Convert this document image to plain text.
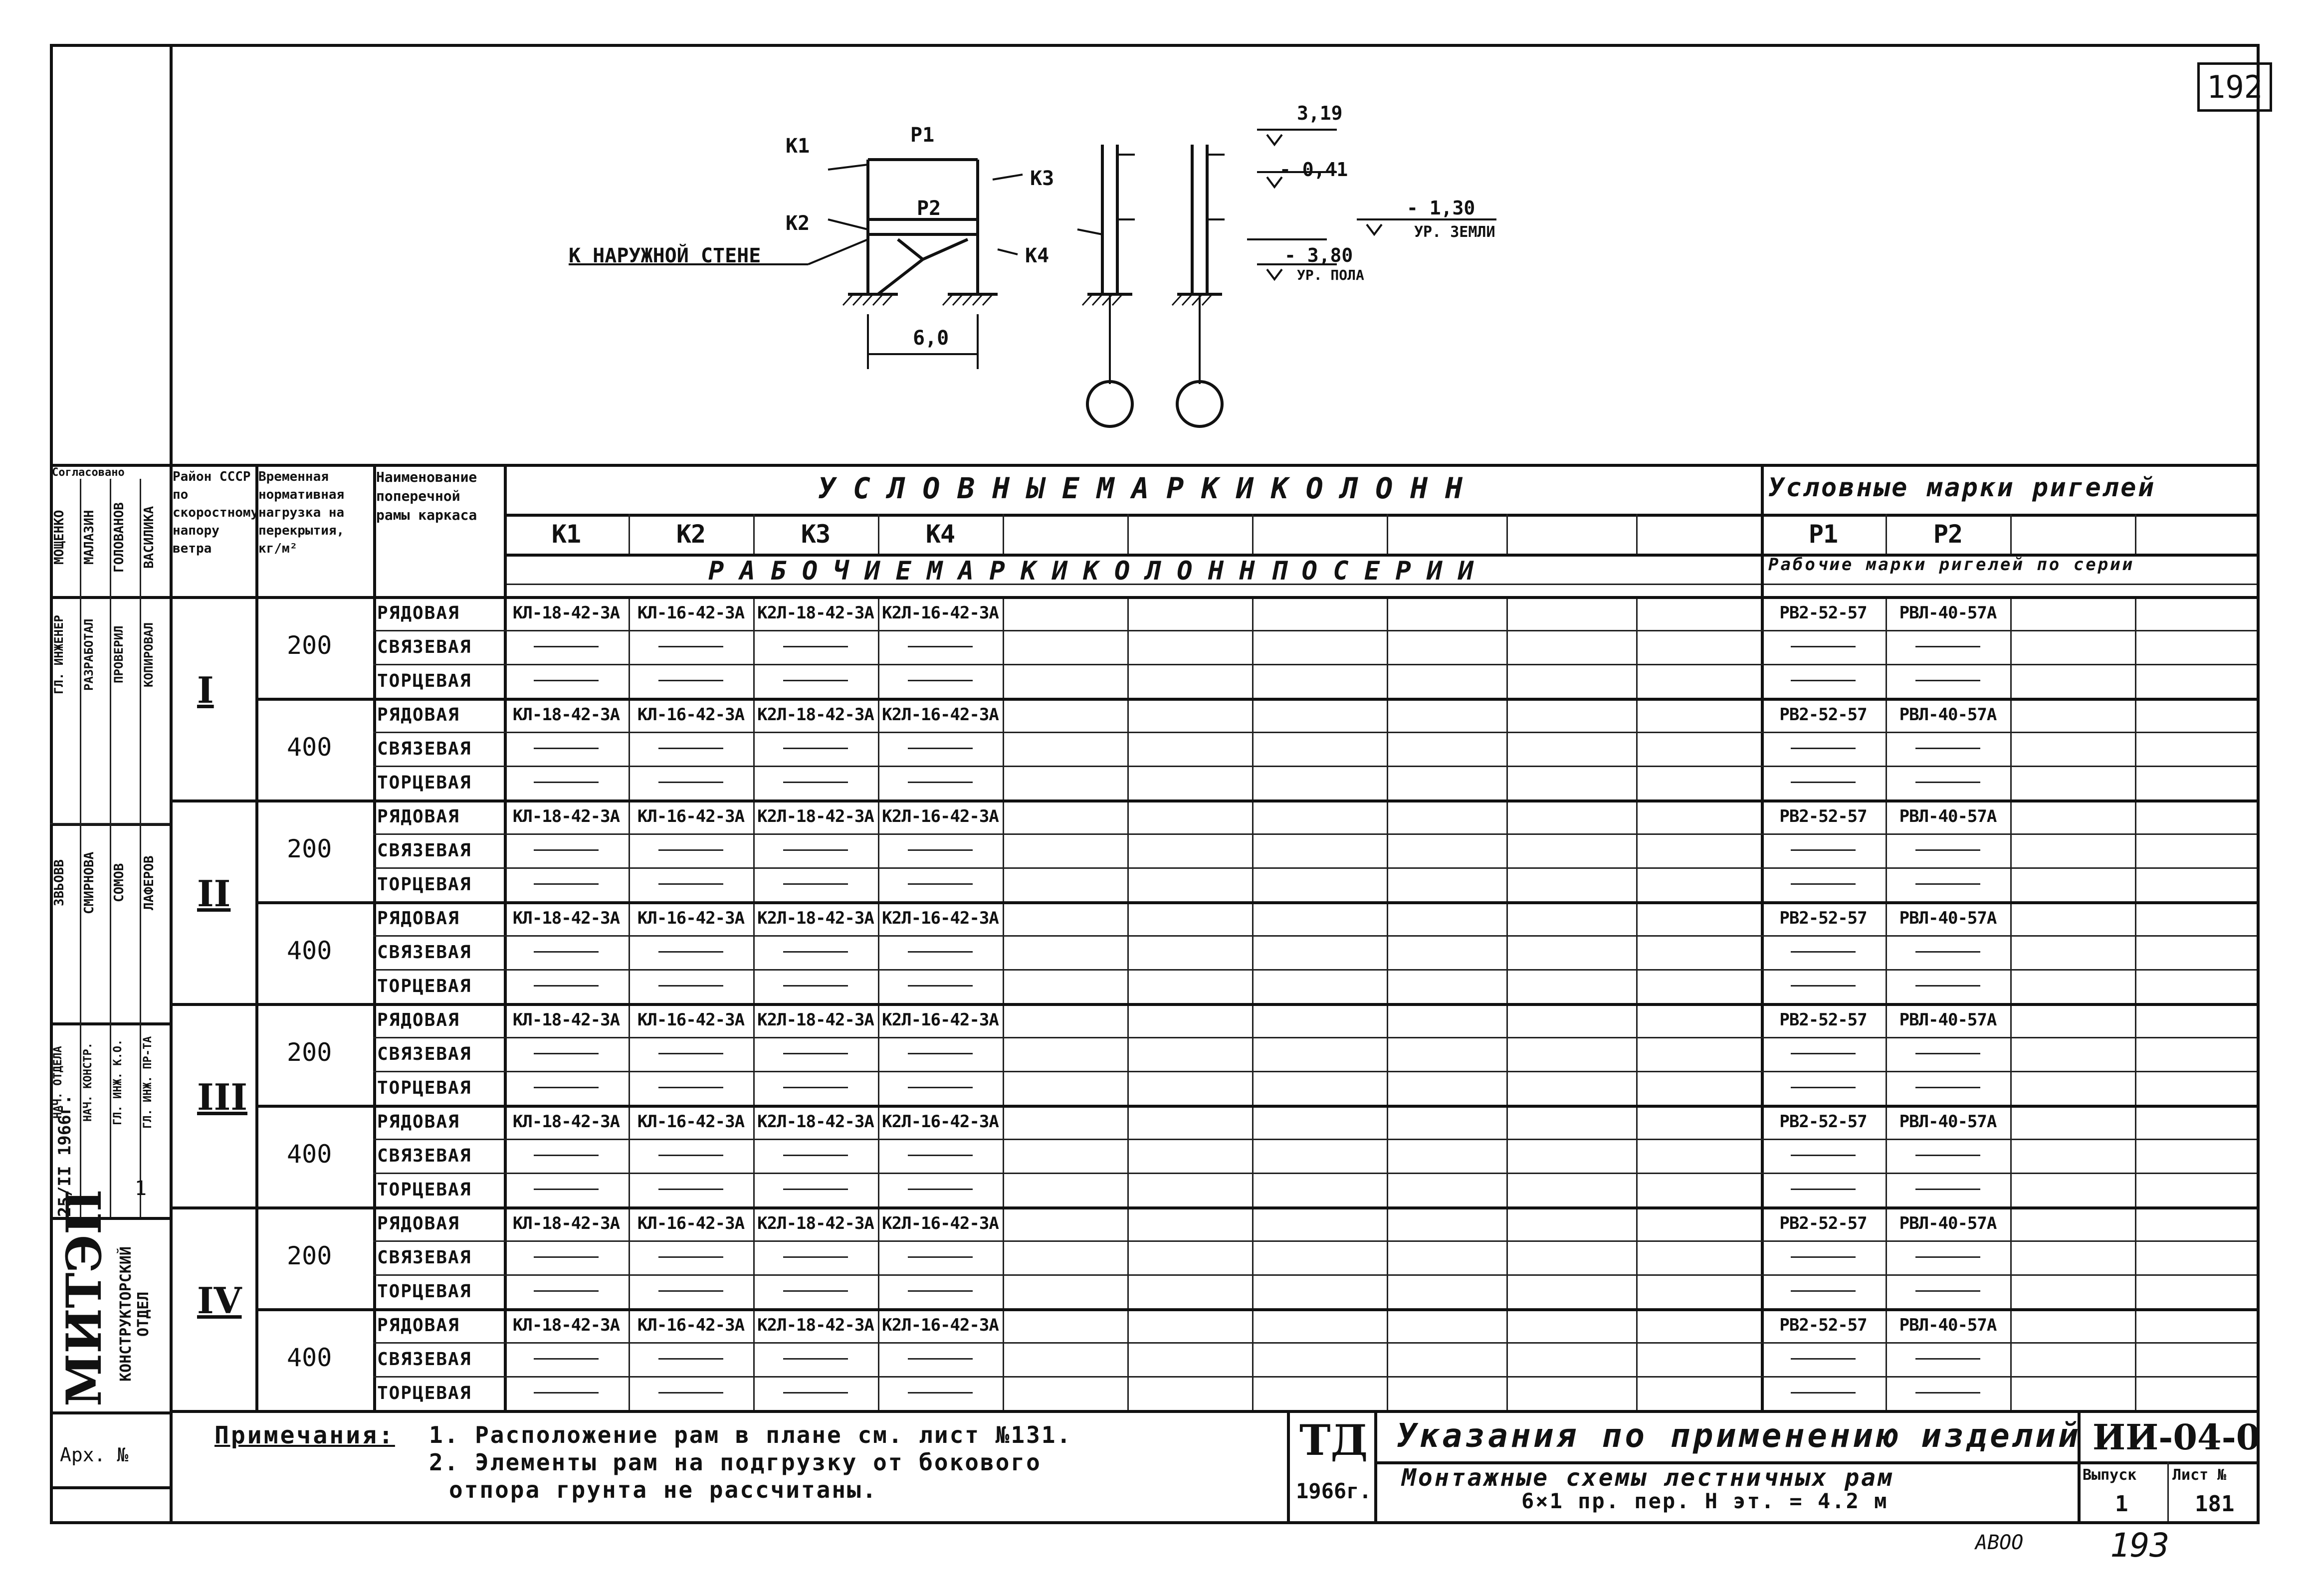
192
К1	Р1
К3
Р2
К2
К4
К НАРУЖНОЙ СТЕНЕ
6,0
3,19
- 0,41
- 1,30
УР. ЗЕМЛИ
- 3,80
УР. ПОЛА
Согласовано
МОЩЕНКО	МАЛАЗИН	ГОЛОВАНОВ	ВАСИЛИКА
ГЛ. ИНЖЕНЕР	РАЗРАБОТАЛ	ПРОВЕРИЛ	КОПИРОВАЛ
ЗВЬОВВ	СМИРНОВА	СОМОВ	ЛАФЕРОВ
НАЧ. ОТДЕЛА	НАЧ. КОНСТР.	ГЛ. ИНЖ. К.О.	ГЛ. ИНЖ. ПР-ТА
25/II 1966г.	1
МИТЭП КОНСТРУКТОРСКИЙ ОТДЕЛ
Арх. №
Район СССР по скоростному напору ветра
Временная нормативная нагрузка на перекрытия, кг/м²
Наименование поперечной рамы каркаса
У С Л О В Н Ы Е М А Р К И К О Л О Н Н	Условные марки ригелей
Р А Б О Ч И Е М А Р К И К О Л О Н Н П О С Е Р И И	Рабочие марки ригелей по серии
К1	К2	К3	К4	Р1	Р2
I
200
РЯДОВАЯ	КЛ-18-42-3А	КЛ-16-42-3А К2Л-18-42-3А К2Л-16-42-3А	РВ2-52-57	РВЛ-40-57А
СВЯЗЕВАЯ
ТОРЦЕВАЯ
400
РЯДОВАЯ	КЛ-18-42-3А	КЛ-16-42-3А К2Л-18-42-3А К2Л-16-42-3А	РВ2-52-57	РВЛ-40-57А
СВЯЗЕВАЯ
ТОРЦЕВАЯ
II
200
РЯДОВАЯ	КЛ-18-42-3А	КЛ-16-42-3А К2Л-18-42-3А К2Л-16-42-3А	РВ2-52-57	РВЛ-40-57А
СВЯЗЕВАЯ
ТОРЦЕВАЯ
400
РЯДОВАЯ	КЛ-18-42-3А	КЛ-16-42-3А К2Л-18-42-3А К2Л-16-42-3А	РВ2-52-57	РВЛ-40-57А
СВЯЗЕВАЯ
ТОРЦЕВАЯ
III
200
РЯДОВАЯ	КЛ-18-42-3А	КЛ-16-42-3А К2Л-18-42-3А К2Л-16-42-3А	РВ2-52-57	РВЛ-40-57А
СВЯЗЕВАЯ
ТОРЦЕВАЯ
400
РЯДОВАЯ	КЛ-18-42-3А	КЛ-16-42-3А К2Л-18-42-3А К2Л-16-42-3А	РВ2-52-57	РВЛ-40-57А
СВЯЗЕВАЯ
ТОРЦЕВАЯ
IV
200
РЯДОВАЯ	КЛ-18-42-3А	КЛ-16-42-3А К2Л-18-42-3А К2Л-16-42-3А	РВ2-52-57	РВЛ-40-57А
СВЯЗЕВАЯ
ТОРЦЕВАЯ
400
РЯДОВАЯ	КЛ-18-42-3А	КЛ-16-42-3А К2Л-18-42-3А К2Л-16-42-3А	РВ2-52-57	РВЛ-40-57А
СВЯЗЕВАЯ
ТОРЦЕВАЯ
Примечания: 1. Расположение рам в плане см. лист №131.
2. Элементы рам на подгрузку от бокового
отпора грунта не рассчитаны.
ТД
1966г.
Указания по применению изделий
Монтажные схемы лестничных рам
6×1 пр. пер. Н эт. = 4.2 м
ИИ-04-0
Выпуск
1
Лист №
181
АВОО	193
